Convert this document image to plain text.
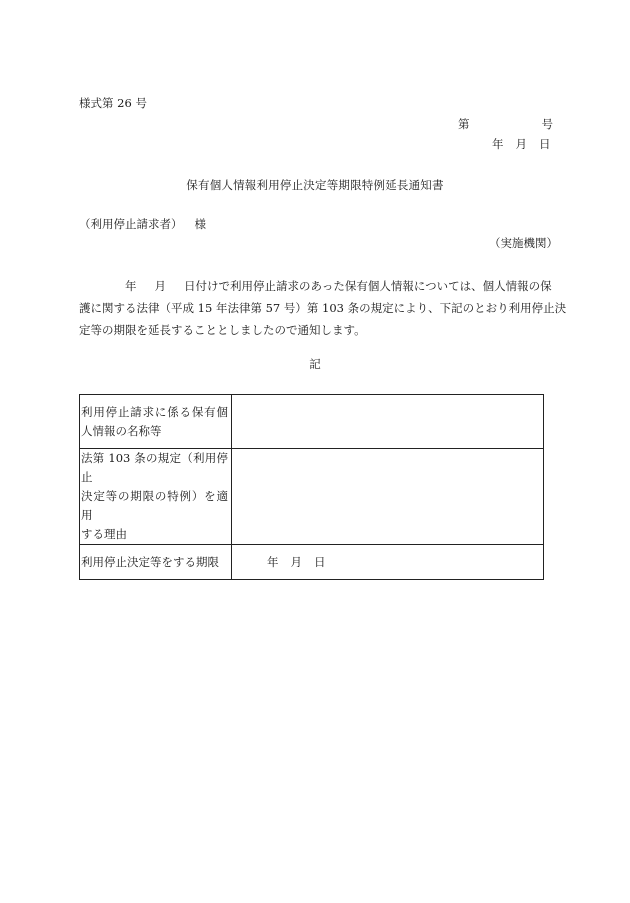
様式第 26 号
第	号
年 月 日
保有個人情報利用停止決定等期限特例延長通知書
（利用停止請求者） 様
（実施機関）
年 月 日付けで利用停止請求のあった保有個人情報については、個人情報の保
護に関する法律（平成 15 年法律第 57 号）第 103 条の規定により、下記のとおり利用停止決
定等の期限を延長することとしましたので通知します。
記
利用停止請求に係る保有個
人情報の名称等	

法第 103 条の規定（利用停止
決定等の期限の特例）を適用
する理由	

利用停止決定等をする期限	年 月 日
